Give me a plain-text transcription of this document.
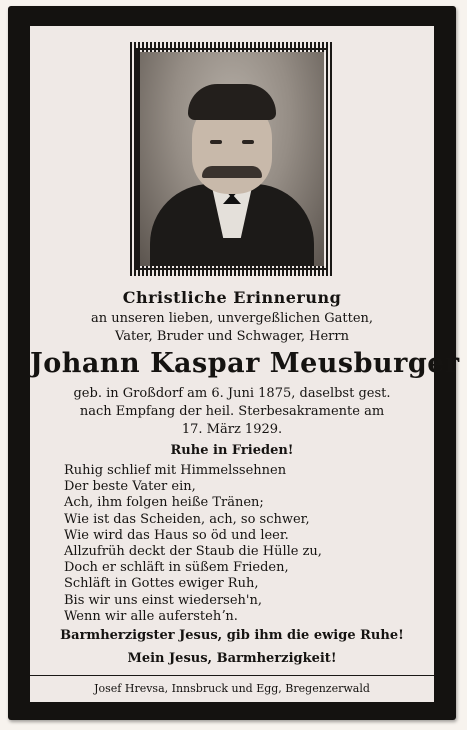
Christliche Erinnerung
an unseren lieben, unvergeßlichen Gatten,
Vater, Bruder und Schwager, Herrn
Johann Kaspar Meusburger
geb. in Großdorf am 6. Juni 1875, daselbst gest.
nach Empfang der heil. Sterbesakramente am
17. März 1929.
Ruhe in Frieden!
Ruhig schlief mit Himmelssehnen
Der beste Vater ein,
Ach, ihm folgen heiße Tränen;
Wie ist das Scheiden, ach, so schwer,
Wie wird das Haus so öd und leer.
Allzufrüh deckt der Staub die Hülle zu,
Doch er schläft in süßem Frieden,
Schläft in Gottes ewiger Ruh,
Bis wir uns einst wiederseh'n,
Wenn wir alle auferstehʼn.
Barmherzigster Jesus, gib ihm die ewige Ruhe!
Mein Jesus, Barmherzigkeit!
Josef Hrevsa, Innsbruck und Egg, Bregenzerwald
